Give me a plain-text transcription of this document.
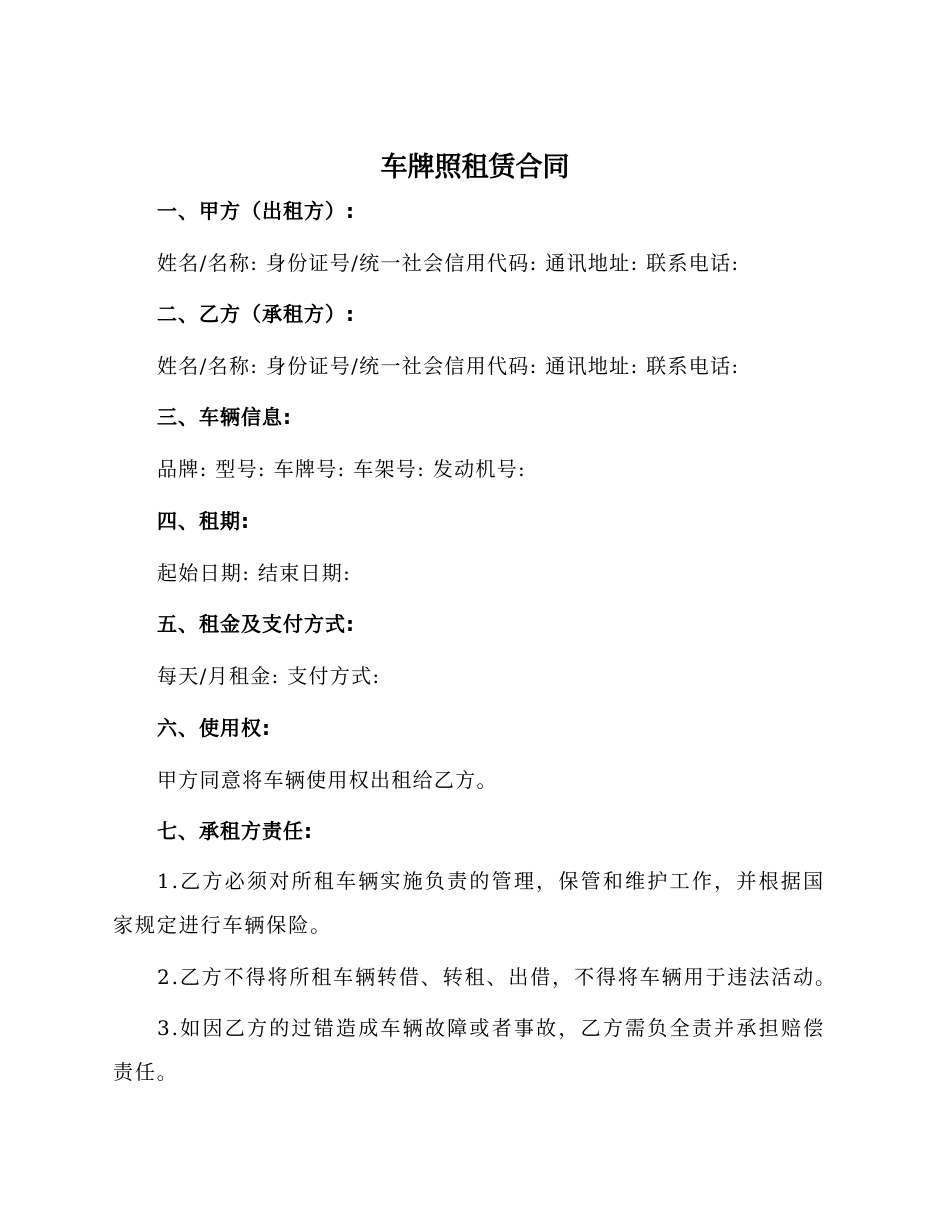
车牌照租赁合同
一、甲方（出租方）:
姓名/名称: 身份证号/统一社会信用代码: 通讯地址: 联系电话:
二、乙方（承租方）:
姓名/名称: 身份证号/统一社会信用代码: 通讯地址: 联系电话:
三、车辆信息:
品牌: 型号: 车牌号: 车架号: 发动机号:
四、租期:
起始日期: 结束日期:
五、租金及支付方式:
每天/月租金: 支付方式:
六、使用权:
甲方同意将车辆使用权出租给乙方。
七、承租方责任:
1.乙方必须对所租车辆实施负责的管理，保管和维护工作，并根据国家规定进行车辆保险。
2.乙方不得将所租车辆转借、转租、出借，不得将车辆用于违法活动。
3.如因乙方的过错造成车辆故障或者事故，乙方需负全责并承担赔偿责任。
